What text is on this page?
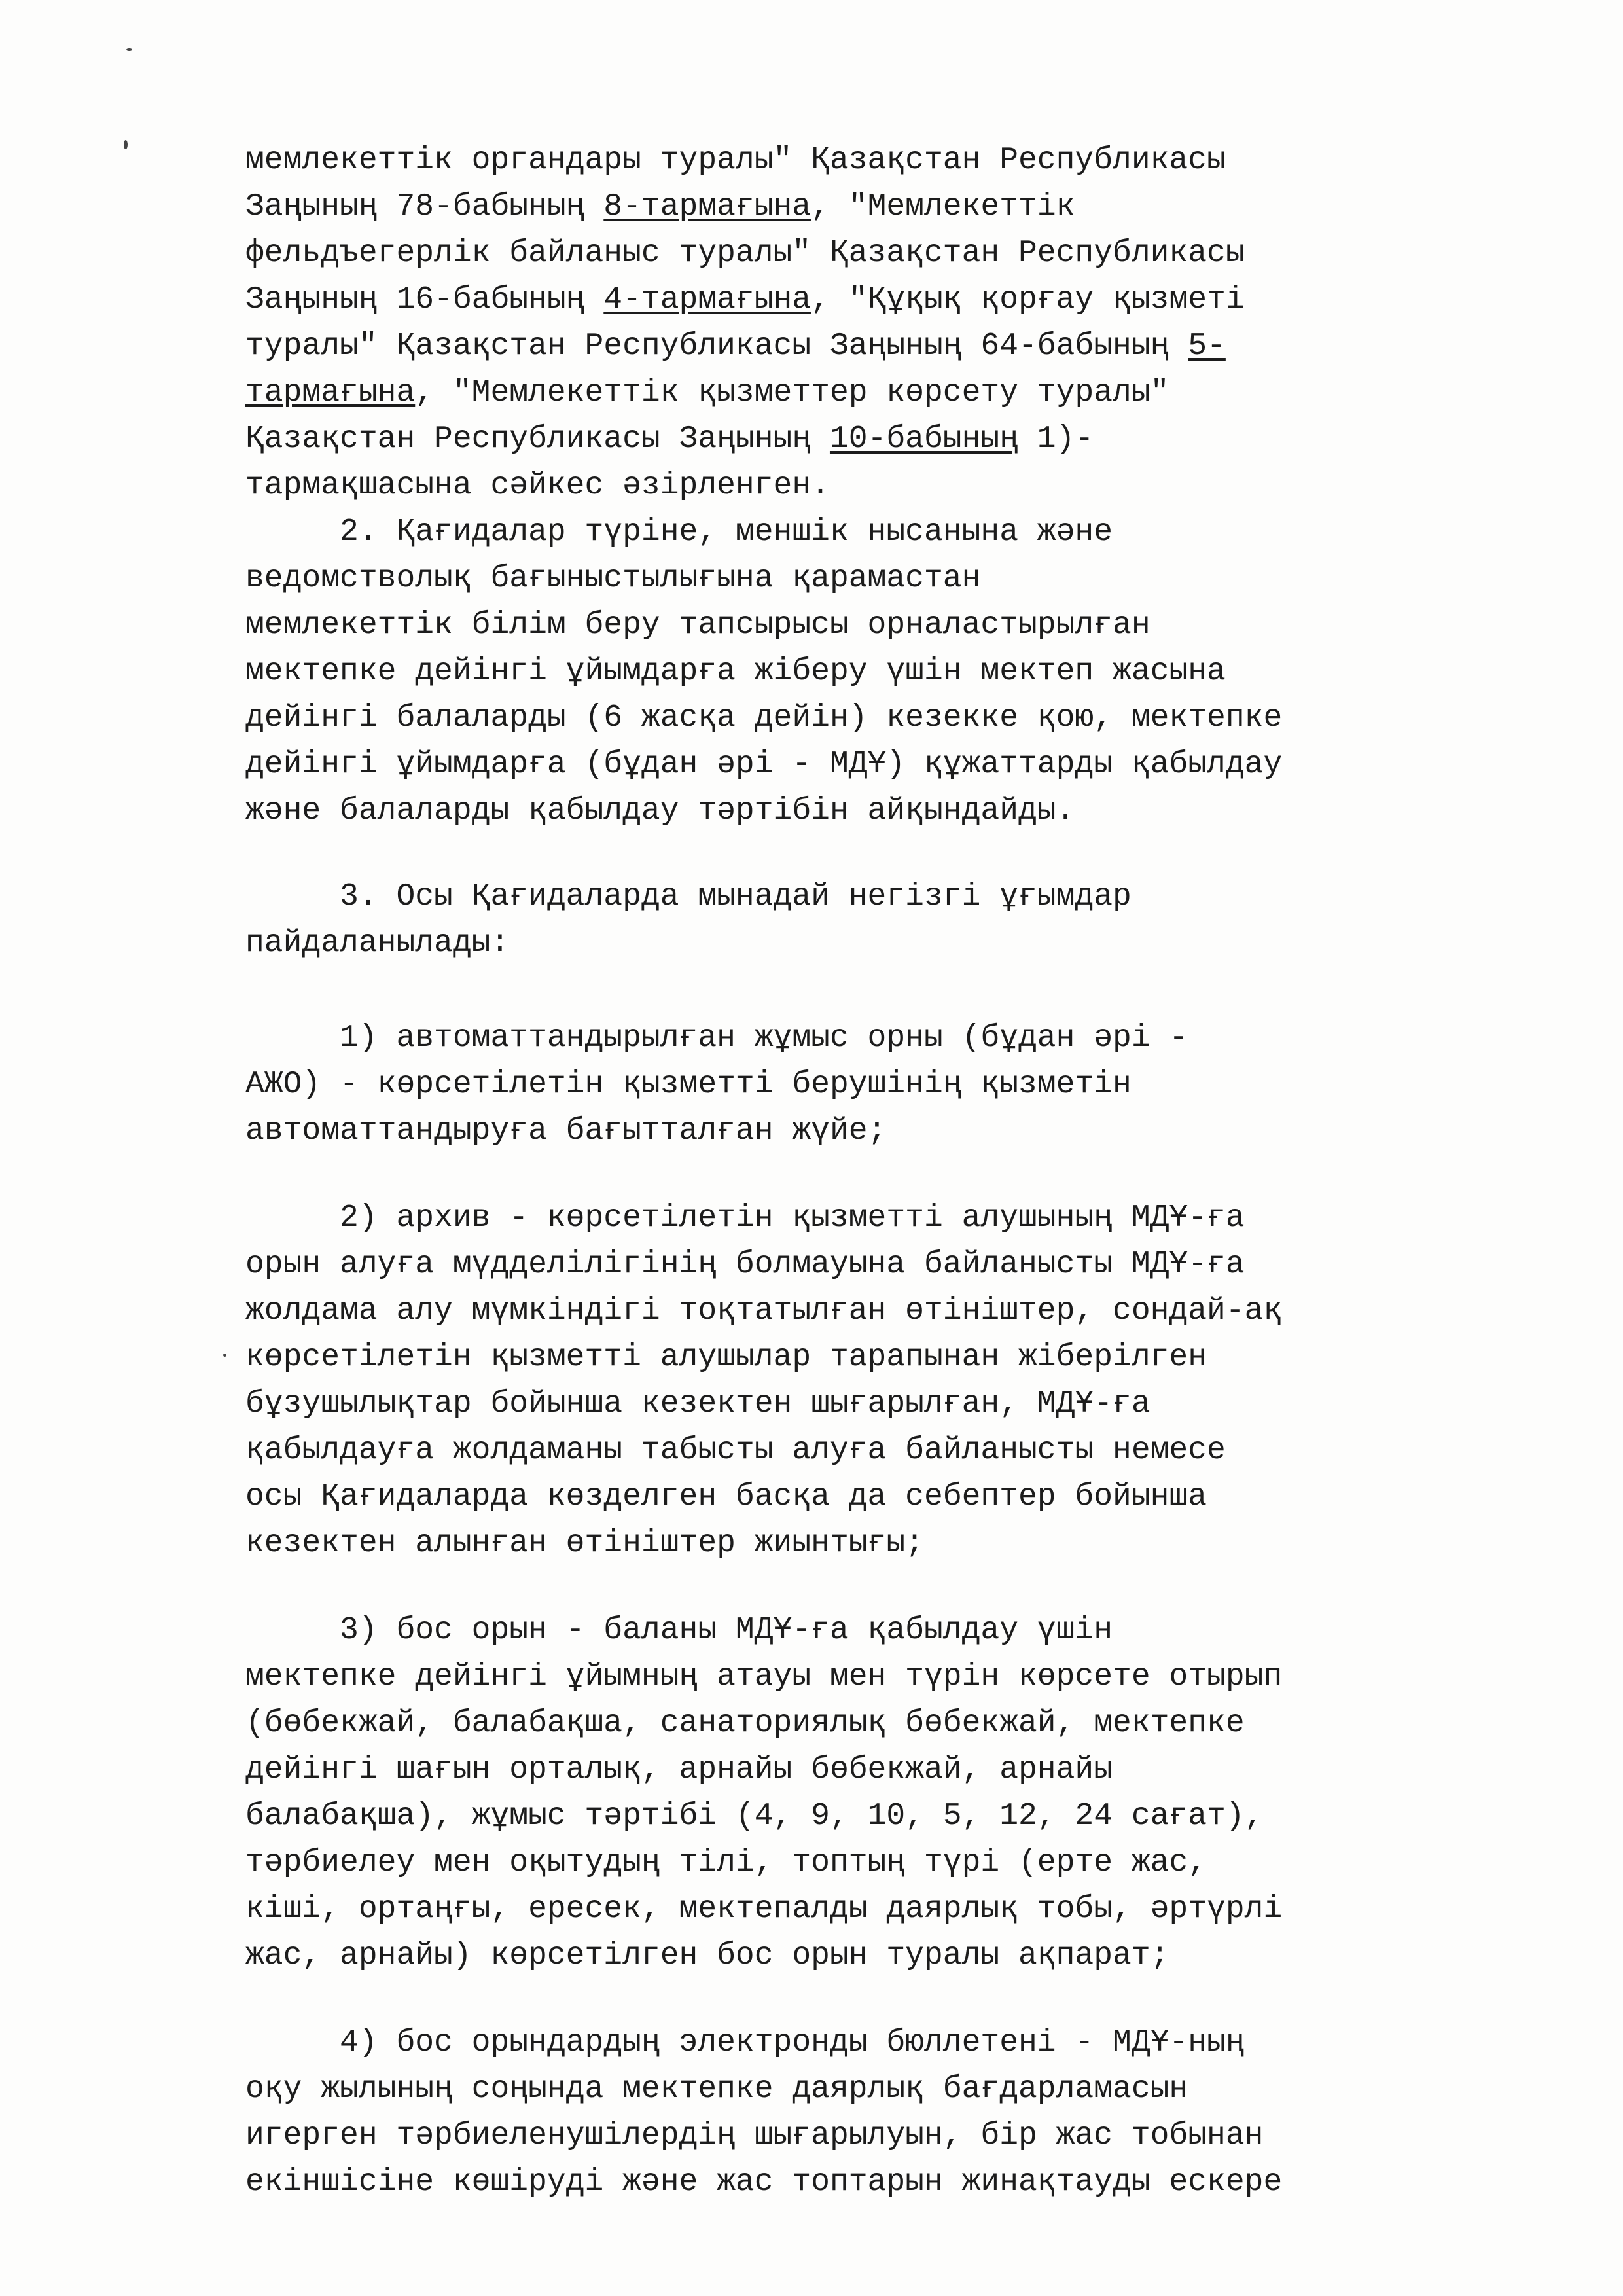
мемлекеттік органдары туралы" Қазақстан Республикасы
Заңының 78-бабының 8-тармағына, "Мемлекеттік
фельдъегерлік байланыс туралы" Қазақстан Республикасы
Заңының 16-бабының 4-тармағына, "Құқық қорғау қызметі
туралы" Қазақстан Республикасы Заңының 64-бабының 5-
тармағына, "Мемлекеттік қызметтер көрсету туралы"
Қазақстан Республикасы Заңының 10-бабының 1)-
тармақшасына сәйкес әзірленген.
2. Қағидалар түріне, меншік нысанына және
ведомстволық бағыныстылығына қарамастан
мемлекеттік білім беру тапсырысы орналастырылған
мектепке дейінгі ұйымдарға жіберу үшін мектеп жасына
дейінгі балаларды (6 жасқа дейін) кезекке қою, мектепке
дейінгі ұйымдарға (бұдан әрі - МДҰ) құжаттарды қабылдау
және балаларды қабылдау тәртібін айқындайды.
3. Осы Қағидаларда мынадай негізгі ұғымдар
пайдаланылады:
1) автоматтандырылған жұмыс орны (бұдан әрі -
АЖО) - көрсетілетін қызметті берушінің қызметін
автоматтандыруға бағытталған жүйе;
2) архив - көрсетілетін қызметті алушының МДҰ-ға
орын алуға мүдделілігінің болмауына байланысты МДҰ-ға
жолдама алу мүмкіндігі тоқтатылған өтініштер, сондай-ақ
көрсетілетін қызметті алушылар тарапынан жіберілген
бұзушылықтар бойынша кезектен шығарылған, МДҰ-ға
қабылдауға жолдаманы табысты алуға байланысты немесе
осы Қағидаларда көзделген басқа да себептер бойынша
кезектен алынған өтініштер жиынтығы;
3) бос орын - баланы МДҰ-ға қабылдау үшін
мектепке дейінгі ұйымның атауы мен түрін көрсете отырып
(бөбекжай, балабақша, санаториялық бөбекжай, мектепке
дейінгі шағын орталық, арнайы бөбекжай, арнайы
балабақша), жұмыс тәртібі (4, 9, 10, 5, 12, 24 сағат),
тәрбиелеу мен оқытудың тілі, топтың түрі (ерте жас,
кіші, ортаңғы, ересек, мектепалды даярлық тобы, әртүрлі
жас, арнайы) көрсетілген бос орын туралы ақпарат;
4) бос орындардың электронды бюллетені - МДҰ-ның
оқу жылының соңында мектепке даярлық бағдарламасын
игерген тәрбиеленушілердің шығарылуын, бір жас тобынан
екіншісіне көшіруді және жас топтарын жинақтауды ескере
